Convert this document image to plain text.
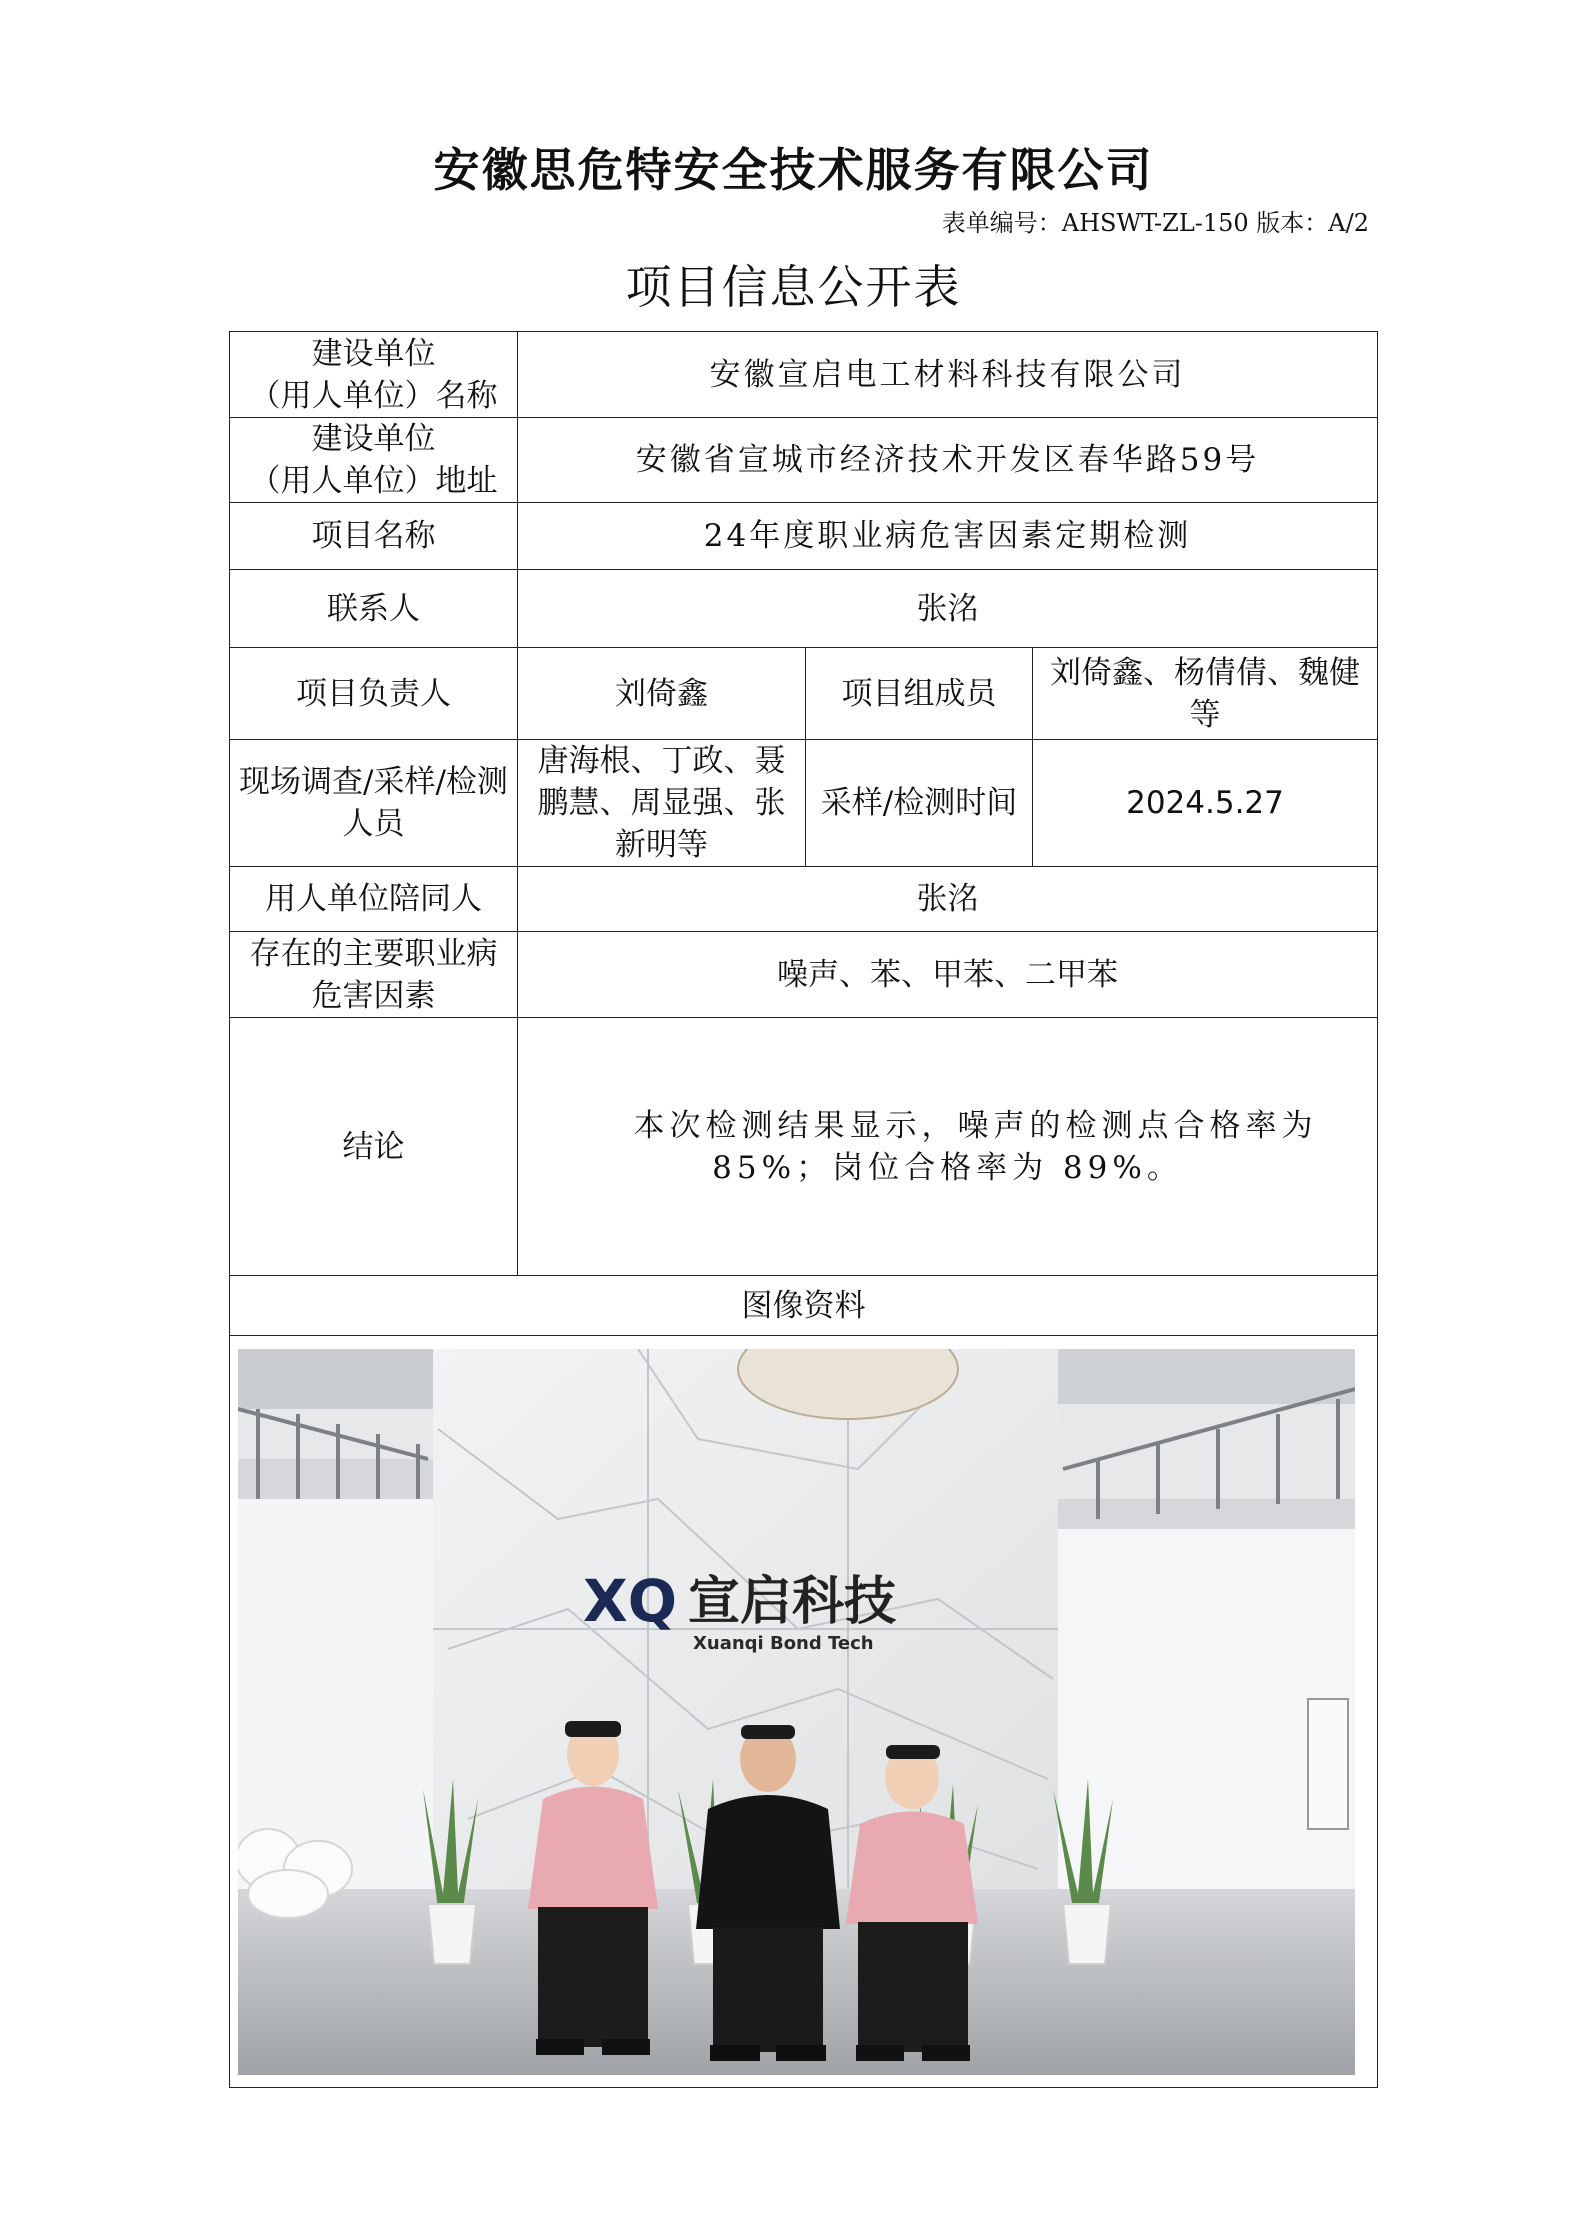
安徽思危特安全技术服务有限公司
表单编号：AHSWT-ZL-150 版本：A/2
项目信息公开表
建设单位
（用人单位）名称	安徽宣启电工材料科技有限公司		
建设单位
（用人单位）地址	安徽省宣城市经济技术开发区春华路59号		
项目名称	24年度职业病危害因素定期检测		
联系人	张洺		
项目负责人	刘倚鑫	项目组成员	刘倚鑫、杨倩倩、魏健等
现场调查/采样/检测人员	唐海根、丁政、聂鹏慧、周显强、张新明等	采样/检测时间	2024.5.27
用人单位陪同人	张洺		
存在的主要职业病危害因素	噪声、苯、甲苯、二甲苯		
结论	本次检测结果显示，噪声的检测点合格率为

85%；岗位合格率为 89%。		

图像资料			

XQ 宣启科技
Xuanqi Bond Tech			
